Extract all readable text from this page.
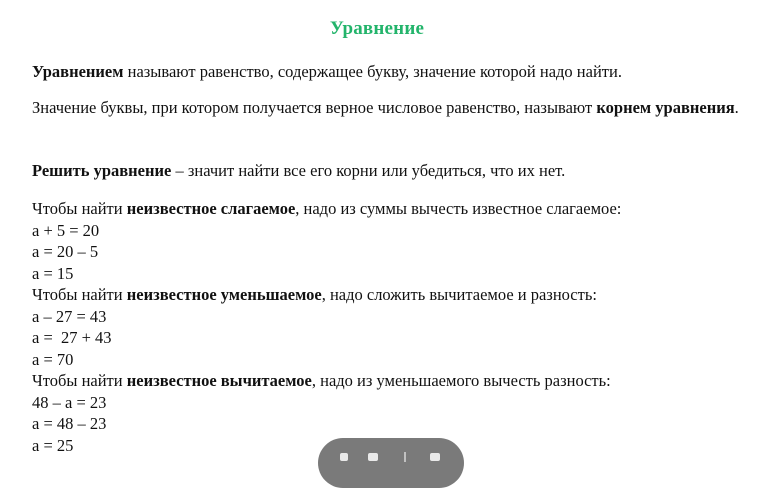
Уравнение
Уравнением называют равенство, содержащее букву, значение которой надо найти.
Значение буквы, при котором получается верное числовое равенство, называют корнем уравнения.
Решить уравнение – значит найти все его корни или убедиться, что их нет.
Чтобы найти неизвестное слагаемое, надо из суммы вычесть известное слагаемое:
а + 5 = 20
а = 20 – 5
а = 15
Чтобы найти неизвестное уменьшаемое, надо сложить вычитаемое и разность:
а – 27 = 43
а =  27 + 43
а = 70
Чтобы найти неизвестное вычитаемое, надо из уменьшаемого вычесть разность:
48 – а = 23
а = 48 – 23
а = 25
